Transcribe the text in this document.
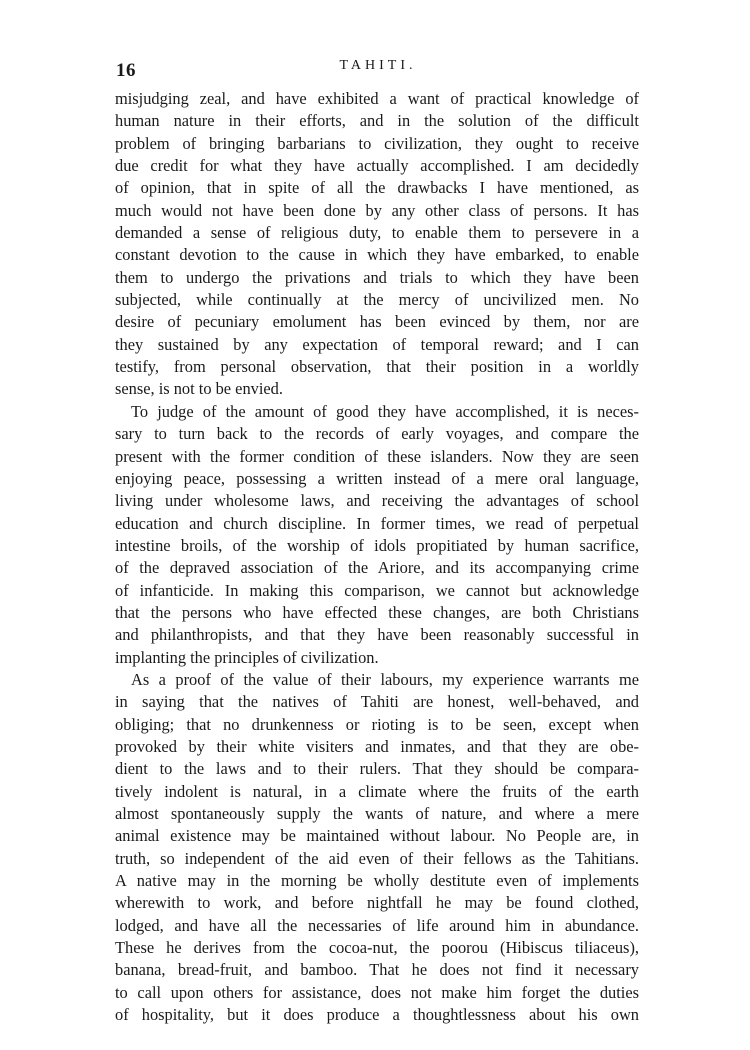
16	TAHITI.
misjudging zeal, and have exhibited a want of practical knowledge of
human nature in their efforts, and in the solution of the difficult
problem of bringing barbarians to civilization, they ought to receive
due credit for what they have actually accomplished. I am decidedly
of opinion, that in spite of all the drawbacks I have mentioned, as
much would not have been done by any other class of persons. It has
demanded a sense of religious duty, to enable them to persevere in a
constant devotion to the cause in which they have embarked, to enable
them to undergo the privations and trials to which they have been
subjected, while continually at the mercy of uncivilized men. No
desire of pecuniary emolument has been evinced by them, nor are
they sustained by any expectation of temporal reward; and I can
testify, from personal observation, that their position in a worldly
sense, is not to be envied.
To judge of the amount of good they have accomplished, it is neces-
sary to turn back to the records of early voyages, and compare the
present with the former condition of these islanders. Now they are seen
enjoying peace, possessing a written instead of a mere oral language,
living under wholesome laws, and receiving the advantages of school
education and church discipline. In former times, we read of perpetual
intestine broils, of the worship of idols propitiated by human sacrifice,
of the depraved association of the Ariore, and its accompanying crime
of infanticide. In making this comparison, we cannot but acknowledge
that the persons who have effected these changes, are both Christians
and philanthropists, and that they have been reasonably successful in
implanting the principles of civilization.
As a proof of the value of their labours, my experience warrants me
in saying that the natives of Tahiti are honest, well-behaved, and
obliging; that no drunkenness or rioting is to be seen, except when
provoked by their white visiters and inmates, and that they are obe-
dient to the laws and to their rulers. That they should be compara-
tively indolent is natural, in a climate where the fruits of the earth
almost spontaneously supply the wants of nature, and where a mere
animal existence may be maintained without labour. No People are, in
truth, so independent of the aid even of their fellows as the Tahitians.
A native may in the morning be wholly destitute even of implements
wherewith to work, and before nightfall he may be found clothed,
lodged, and have all the necessaries of life around him in abundance.
These he derives from the cocoa-nut, the poorou (Hibiscus tiliaceus),
banana, bread-fruit, and bamboo. That he does not find it necessary
to call upon others for assistance, does not make him forget the duties
of hospitality, but it does produce a thoughtlessness about his own
